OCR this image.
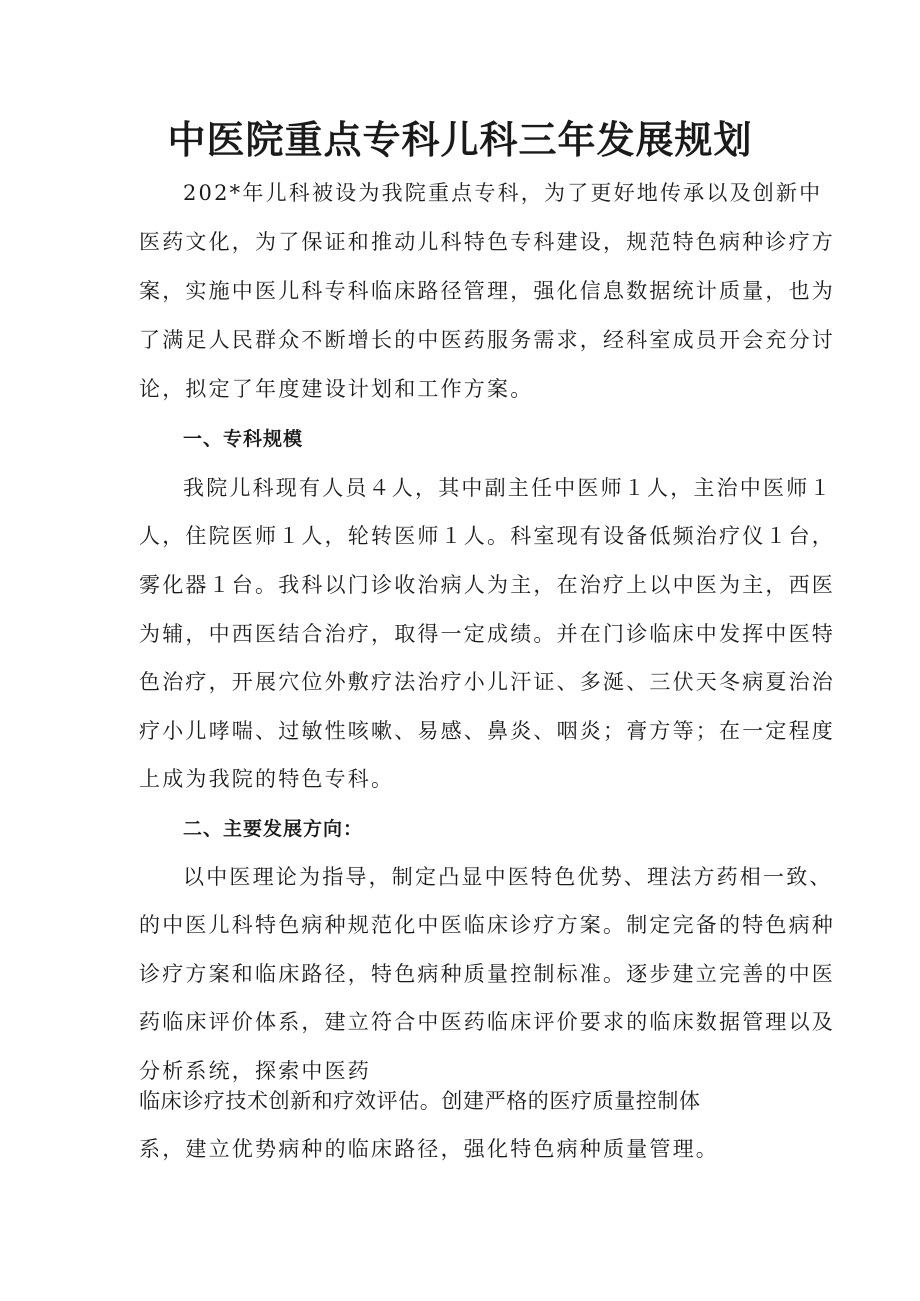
中医院重点专科儿科三年发展规划

202*年儿科被设为我院重点专科，为了更好地传承以及创新中

医药文化，为了保证和推动儿科特色专科建设，规范特色病种诊疗方

案，实施中医儿科专科临床路径管理，强化信息数据统计质量，也为

了满足人民群众不断增长的中医药服务需求，经科室成员开会充分讨

论，拟定了年度建设计划和工作方案。

一、专科规模

我院儿科现有人员４人，其中副主任中医师１人，主治中医师１

人，住院医师１人，轮转医师１人。科室现有设备低频治疗仪１台，

雾化器１台。我科以门诊收治病人为主，在治疗上以中医为主，西医

为辅，中西医结合治疗，取得一定成绩。并在门诊临床中发挥中医特

色治疗，开展穴位外敷疗法治疗小儿汗证、多涎、三伏天冬病夏治治

疗小儿哮喘、过敏性咳嗽、易感、鼻炎、咽炎；膏方等；在一定程度

上成为我院的特色专科。

二、主要发展方向：

以中医理论为指导，制定凸显中医特色优势、理法方药相一致、

的中医儿科特色病种规范化中医临床诊疗方案。制定完备的特色病种

诊疗方案和临床路径，特色病种质量控制标准。逐步建立完善的中医

药临床评价体系，建立符合中医药临床评价要求的临床数据管理以及

分析系统，探索中医药

临床诊疗技术创新和疗效评估。创建严格的医疗质量控制体

系，建立优势病种的临床路径，强化特色病种质量管理。
